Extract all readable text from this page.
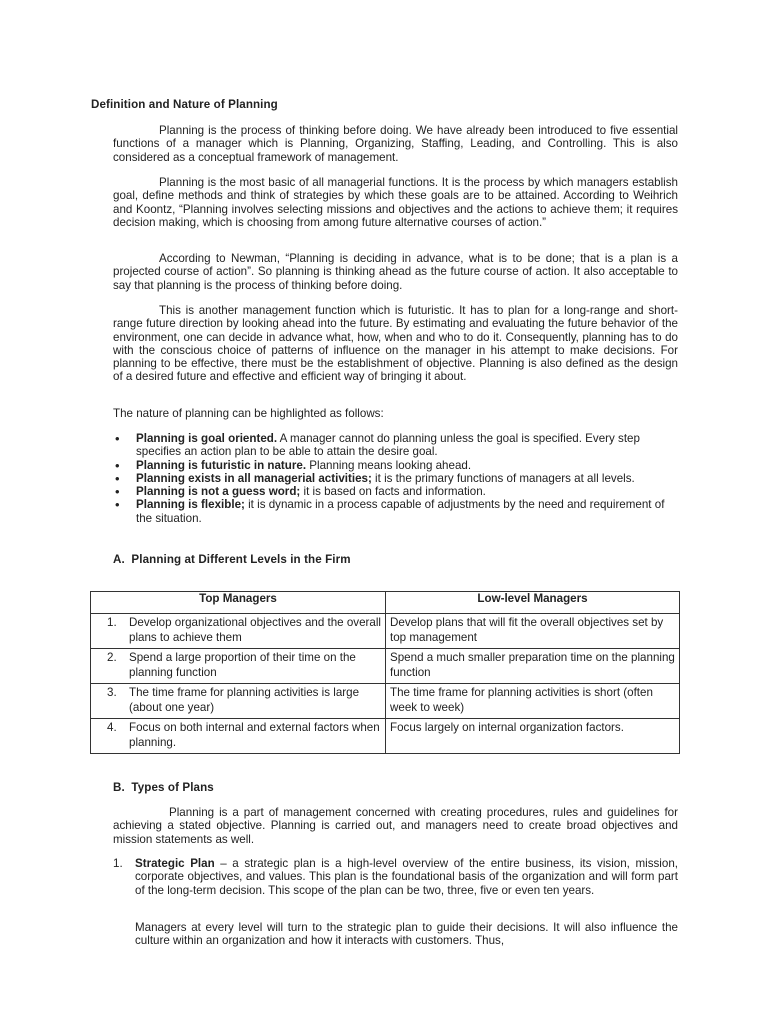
Definition and Nature of Planning
Planning is the process of thinking before doing. We have already been introduced to five essential functions of a manager which is Planning, Organizing, Staffing, Leading, and Controlling. This is also considered as a conceptual framework of management.
Planning is the most basic of all managerial functions. It is the process by which managers establish goal, define methods and think of strategies by which these goals are to be attained. According to Weihrich and Koontz, “Planning involves selecting missions and objectives and the actions to achieve them; it requires decision making, which is choosing from among future alternative courses of action.”
According to Newman, “Planning is deciding in advance, what is to be done; that is a plan is a projected course of action”. So planning is thinking ahead as the future course of action. It also acceptable to say that planning is the process of thinking before doing.
This is another management function which is futuristic. It has to plan for a long-range and short-range future direction by looking ahead into the future. By estimating and evaluating the future behavior of the environment, one can decide in advance what, how, when and who to do it. Consequently, planning has to do with the conscious choice of patterns of influence on the manager in his attempt to make decisions. For planning to be effective, there must be the establishment of objective. Planning is also defined as the design of a desired future and effective and efficient way of bringing it about.
The nature of planning can be highlighted as follows:
• Planning is goal oriented. A manager cannot do planning unless the goal is specified. Every step specifies an action plan to be able to attain the desire goal.
• Planning is futuristic in nature. Planning means looking ahead.
• Planning exists in all managerial activities; it is the primary functions of managers at all levels.
• Planning is not a guess word; it is based on facts and information.
• Planning is flexible; it is dynamic in a process capable of adjustments by the need and requirement of the situation.
A.  Planning at Different Levels in the Firm
Top Managers	Low-level Managers

1. Develop organizational objectives and the overall plans to achieve them	Develop plans that will fit the overall objectives set by top management

2. Spend a large proportion of their time on the planning function	Spend a much smaller preparation time on the planning function

3. The time frame for planning activities is large (about one year)	The time frame for planning activities is short (often week to week)

4. Focus on both internal and external factors when planning.	Focus largely on internal organization factors.
B.  Types of Plans
Planning is a part of management concerned with creating procedures, rules and guidelines for achieving a stated objective. Planning is carried out, and managers need to create broad objectives and mission statements as well.
1. Strategic Plan – a strategic plan is a high-level overview of the entire business, its vision, mission, corporate objectives, and values. This plan is the foundational basis of the organization and will form part of the long-term decision. This scope of the plan can be two, three, five or even ten years.
Managers at every level will turn to the strategic plan to guide their decisions. It will also influence the culture within an organization and how it interacts with customers. Thus,
